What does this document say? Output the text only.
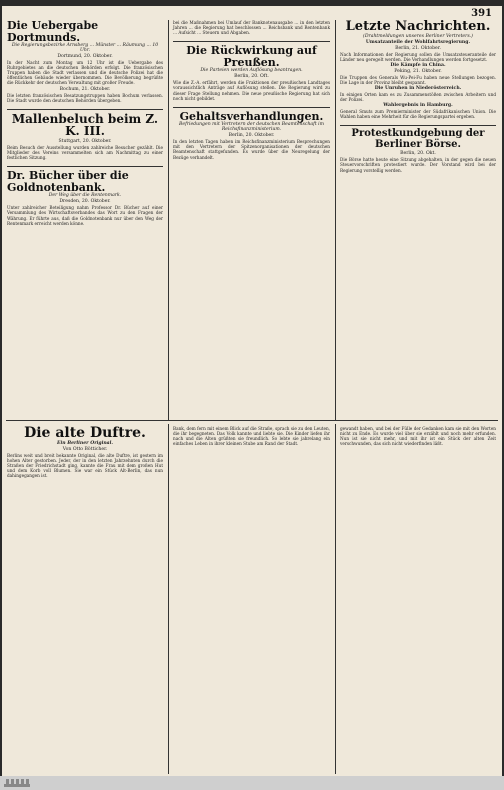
391
Die Uebergabe Dortmunds.
Die Regierungsbezirke Arnsberg ... Münster ... Räumung ... 10 Uhr.
Dortmund, 20. Oktober.
In der Nacht zum Montag um 12 Uhr ist die Uebergabe des Ruhrgebietes an die deutschen Behörden erfolgt. Die französischen Truppen haben die Stadt verlassen und die deutsche Polizei hat die öffentlichen Gebäude wieder übernommen. Die Bevölkerung begrüßte die Rückkehr der deutschen Verwaltung mit großer Freude.
Bochum, 21. Oktober.
Die letzten französischen Besatzungstruppen haben Bochum verlassen. Die Stadt wurde den deutschen Behörden übergeben.
Mallenbeluch beim Z. K. III.
Stuttgart, 20. Oktober.
Beim Besuch der Ausstellung wurden zahlreiche Besucher gezählt. Die Mitglieder des Vereins versammelten sich am Nachmittag zu einer festlichen Sitzung.
Dr. Bücher über die Goldnotenbank.
Der Weg über die Rentenmark.
Dresden, 20. Oktober.
Unter zahlreicher Beteiligung nahm Professor Dr. Bücher auf einer Versammlung des Wirtschaftsverbandes das Wort zu den Fragen der Währung. Er führte aus, daß die Goldnotenbank nur über den Weg der Rentenmark erreicht werden könne.
bei die Maßnahmen bei Umlauf der Banknotenausgabe ... in den letzten Jahren ... die Regierung hat beschlossen ... Reichsbank und Rentenbank ... Aufsicht ... Steuern und Abgaben.
Die Rückwirkung auf Preußen.
Die Parteien werden Auflösung beantragen.
Berlin, 20. Oft.
Wie die Z.-A. erfährt, werden die Fraktionen der preußischen Landtages voraussichtlich Anträge auf Auflösung stellen. Die Regierung wird zu dieser Frage Stellung nehmen. Die neue preußische Regierung hat sich noch nicht gebildet.
Gehaltsverhandlungen.
Befriedungen mit Vertretern der deutschen Beamtenschaft im Reichsfinanzministerium.
Berlin, 20. Oktober.
In den letzten Tagen haben im Reichsfinanzministerium Besprechungen mit den Vertretern der Spitzenorganisationen der deutschen Beamtenschaft stattgefunden. Es wurde über die Neuregelung der Bezüge verhandelt.
Letzte Nachrichten.
(Drahtmeldungen unseres Berliner Vertreters.)
Umsatzanteile der Wohlfahrtsregierung.
Berlin, 21. Oktober.
Nach Informationen der Regierung sollen die Umsatzsteueranteile der Länder neu geregelt werden. Die Verhandlungen werden fortgesetzt.
Die Kämpfe in China.
Peking, 21. Oktober.
Die Truppen des Generals Wu-Pei-Fu haben neue Stellungen bezogen. Die Lage in der Provinz bleibt gespannt.
Die Unruhen in Niederösterreich.
In einigen Orten kam es zu Zusammenstößen zwischen Arbeitern und der Polizei.
Wahlergebnis in Hamburg.
General Smuts zum Premierminister der Südafrikanischen Union. Die Wahlen haben eine Mehrheit für die Regierungspartei ergeben.
Protestkundgebung der Berliner Börse.
Berlin, 20. Okt.
Die Börse hatte heute eine Sitzung abgehalten, in der gegen die neuen Steuervorschriften protestiert wurde. Der Vorstand wird bei der Regierung vorstellig werden.
Die alte Duftre.
Ein Berliner Original.
Von Otto Bötticher.
Berlins weit und breit bekannte Original, die alte Duftre, ist gestern im hohen Alter gestorben. Jeder, der in den letzten Jahrzehnten durch die Straßen der Friedrichstadt ging, kannte die Frau mit dem großen Hut und dem Korb voll Blumen. Sie war ein Stück Alt-Berlin, das nun dahingegangen ist.
Bank, dem fern mit einem Blick auf die Straße, sprach sie zu den Leuten, die ihr begegneten. Das Volk kannte und liebte sie. Die Kinder liefen ihr nach und die Alten grüßten sie freundlich. So lebte sie jahrelang ein einfaches Leben in ihrer kleinen Stube am Rand der Stadt.
gewandt haben, und bei der Fülle der Gedanken kam sie mit den Worten nicht zu Ende. Es wurde viel über sie erzählt und noch mehr erfunden. Nun ist sie nicht mehr, und mit ihr ist ein Stück der alten Zeit verschwunden, das sich nicht wiederfinden läßt.
